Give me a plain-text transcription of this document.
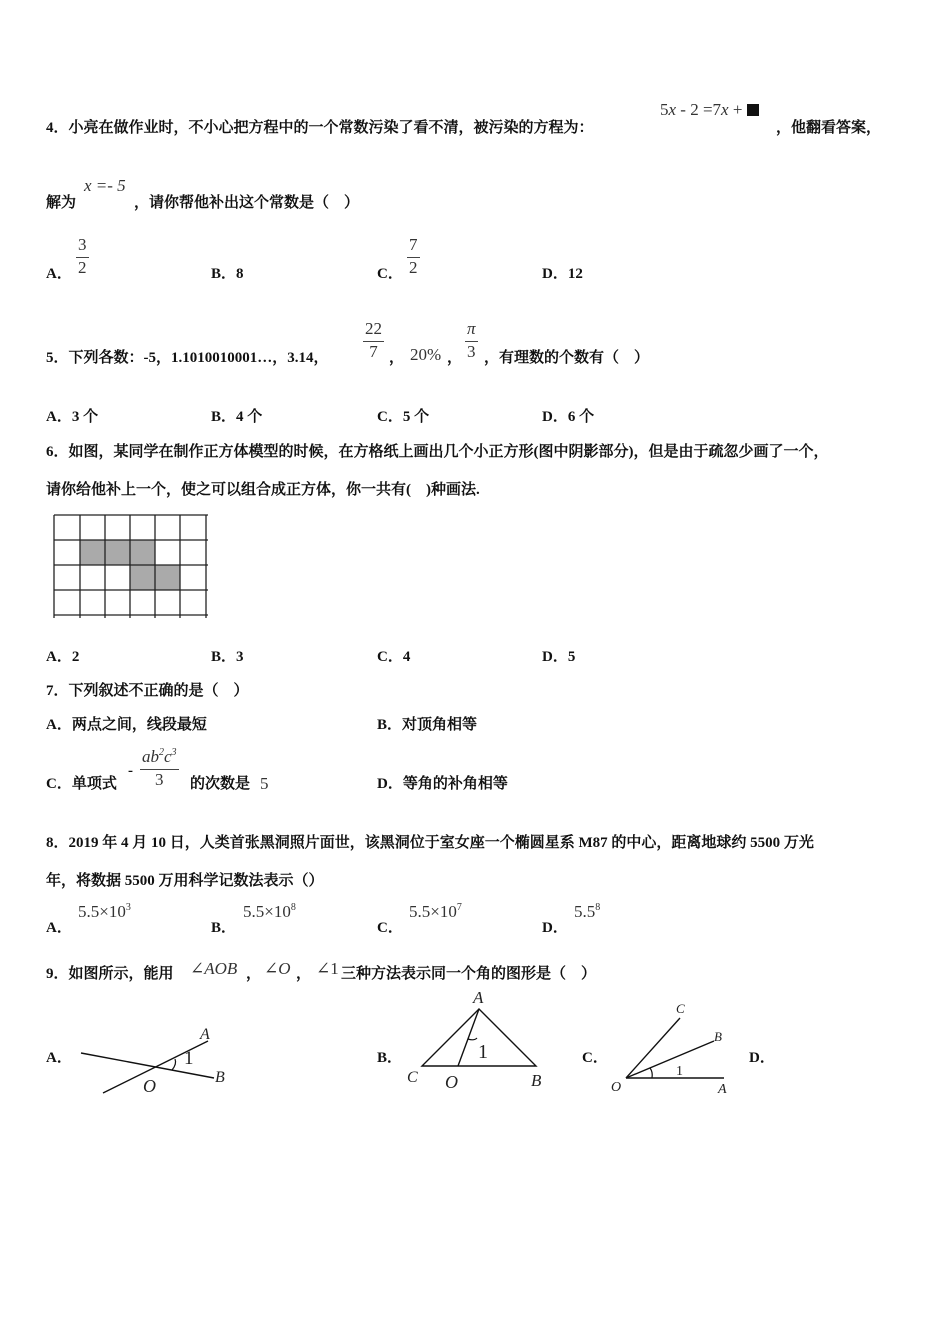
4．小亮在做作业时，不小心把方程中的一个常数污染了看不清，被污染的方程为：
5x - 2 =7x +
，他翻看答案，
解为
x =- 5
，请你帮他补出这个常数是（　）
A．
3
2	B．8	C．
7
2	D．12
5．下列各数：-5，1.1010010001…，3.14，
22
7 ， 20% ，
π
3 ，有理数的个数有（　）
A．3 个	B．4 个	C．5 个	D．6 个
6．如图，某同学在制作正方体模型的时候，在方格纸上画出几个小正方形(图中阴影部分)，但是由于疏忽少画了一个，
请你给他补上一个，使之可以组合成正方体，你一共有(　)种画法.
A．2	B．3	C．4	D．5
7．下列叙述不正确的是（　）
A．两点之间，线段最短	B．对顶角相等
C．单项式
-
$ab^2c^3$
3 的次数是 5	D．等角的补角相等
8．2019 年 4 月 10 日，人类首张黑洞照片面世，该黑洞位于室女座一个椭圆星系 M87 的中心，距离地球约 5500 万光
年，将数据 5500 万用科学记数法表示（）
A．
$5.5\times 10^3$
B．
$5.5\times 10^8$
C．
$5.5\times 10^7$
D．
$5.5^8$
9．如图所示，能用 ∠AOB ， ∠O ， ∠1 三种方法表示同一个角的图形是（　）
A．	B．	C．	D．
1
A
B
O
A
1
C O	B
C
B
1
O	A
